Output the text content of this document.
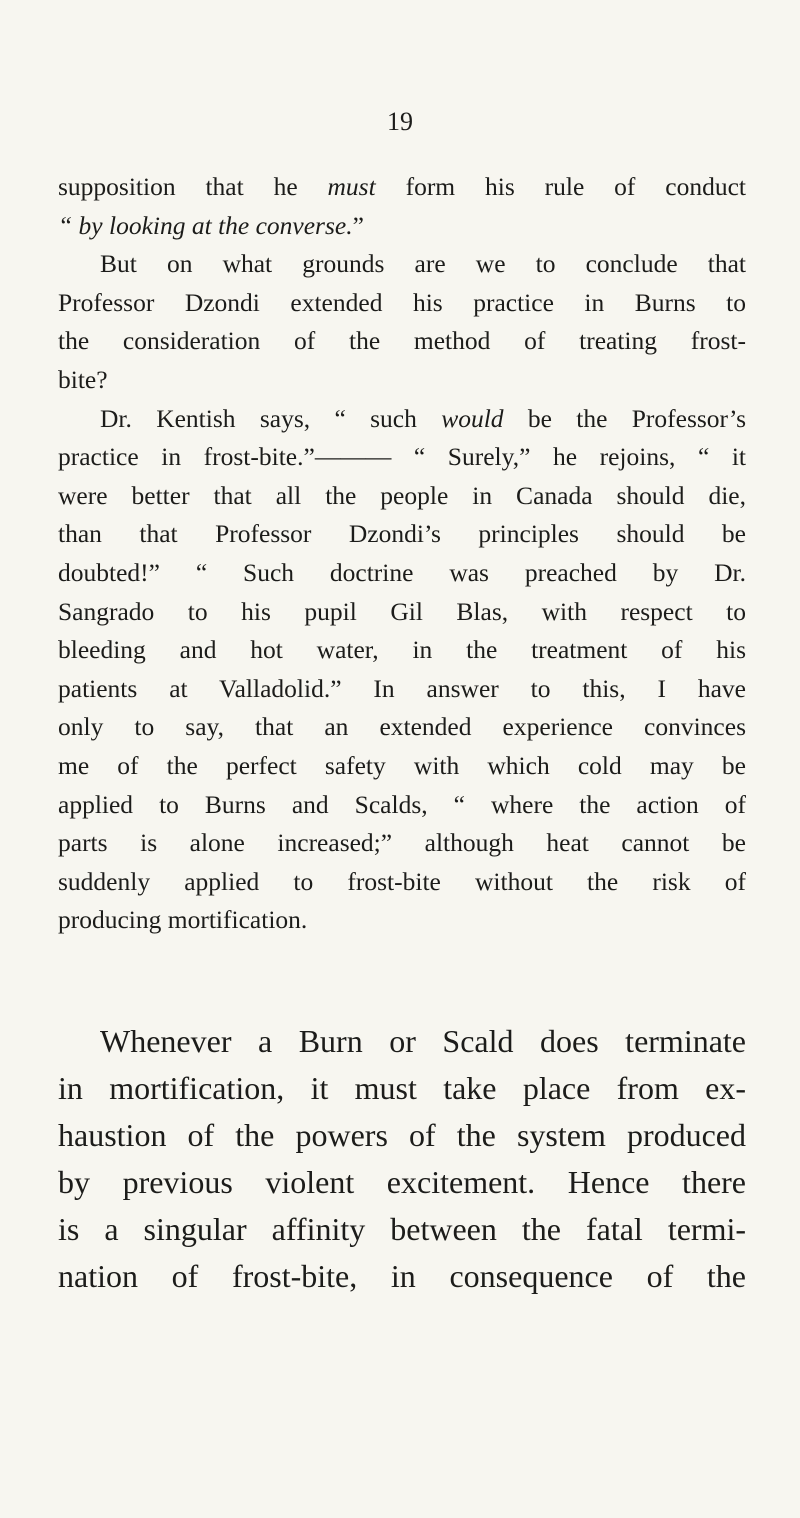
19
supposition that he must form his rule of conduct
“ by looking at the converse.”
But on what grounds are we to conclude that
Professor Dzondi extended his practice in Burns to
the consideration of the method of treating frost-
bite?
Dr. Kentish says, “ such would be the Professor’s
practice in frost-bite.”——— “ Surely,” he rejoins, “ it
were better that all the people in Canada should die,
than that Professor Dzondi’s principles should be
doubted!” “ Such doctrine was preached by Dr.
Sangrado to his pupil Gil Blas, with respect to
bleeding and hot water, in the treatment of his
patients at Valladolid.” In answer to this, I have
only to say, that an extended experience convinces
me of the perfect safety with which cold may be
applied to Burns and Scalds, “ where the action of
parts is alone increased;” although heat cannot be
suddenly applied to frost-bite without the risk of
producing mortification.
Whenever a Burn or Scald does terminate
in mortification, it must take place from ex-
haustion of the powers of the system produced
by previous violent excitement. Hence there
is a singular affinity between the fatal termi-
nation of frost-bite, in consequence of the
